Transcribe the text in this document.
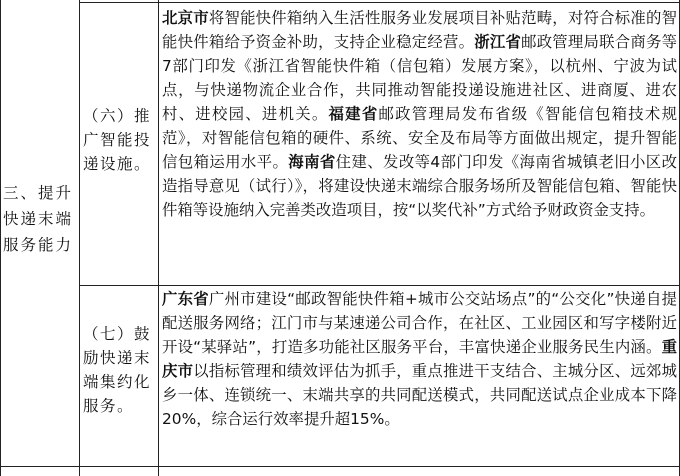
三、提升快递末端服务能力
（六）推广智能投递设施。
北京市将智能快件箱纳入生活性服务业发展项目补贴范畴，对符合标准的智能快件箱给予资金补助，支持企业稳定经营。浙江省邮政管理局联合商务等7部门印发《浙江省智能快件箱（信包箱）发展方案》，以杭州、宁波为试点，与快递物流企业合作，共同推动智能投递设施进社区、进商厦、进农村、进校园、进机关。福建省邮政管理局发布省级《智能信包箱技术规范》，对智能信包箱的硬件、系统、安全及布局等方面做出规定，提升智能信包箱运用水平。海南省住建、发改等4部门印发《海南省城镇老旧小区改造指导意见（试行）》，将建设快递末端综合服务场所及智能信包箱、智能快件箱等设施纳入完善类改造项目，按“以奖代补”方式给予财政资金支持。
（七）鼓励快递末端集约化服务。
广东省广州市建设“邮政智能快件箱+城市公交站场点”的“公交化”快递自提配送服务网络；江门市与某速递公司合作，在社区、工业园区和写字楼附近开设“某驿站”，打造多功能社区服务平台，丰富快递企业服务民生内涵。重庆市以指标管理和绩效评估为抓手，重点推进干支结合、主城分区、远郊城乡一体、连锁统一、末端共享的共同配送模式，共同配送试点企业成本下降20%，综合运行效率提升超15%。
